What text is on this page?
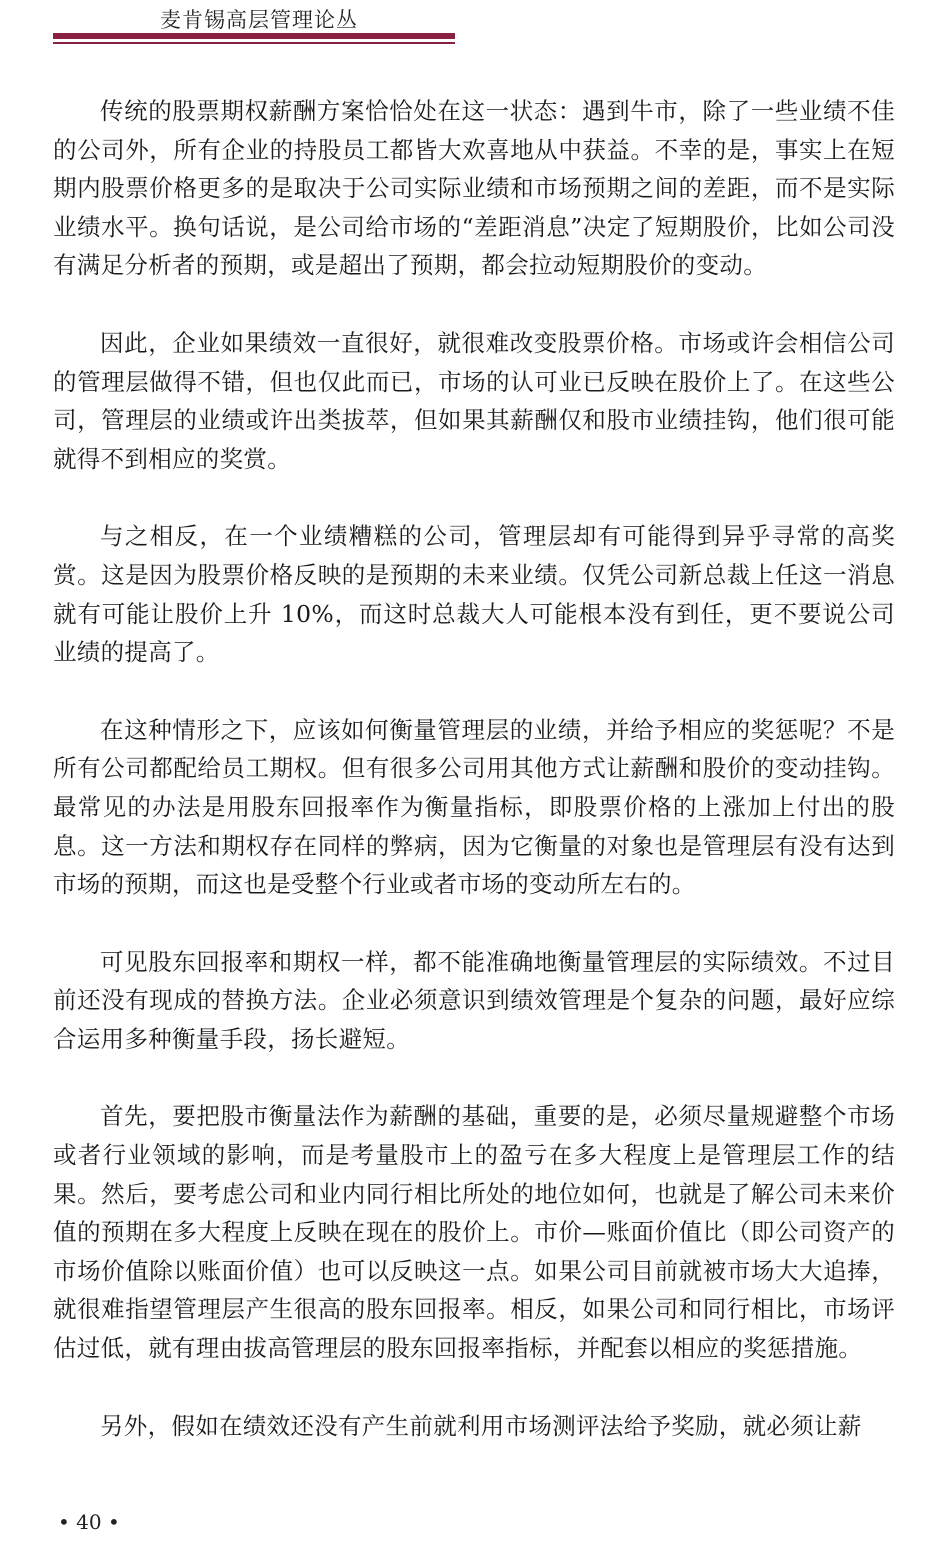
麦肯锡高层管理论丛

传统的股票期权薪酬方案恰恰处在这一状态：遇到牛市，除了一些业绩不佳的公司外，所有企业的持股员工都皆大欢喜地从中获益。不幸的是，事实上在短期内股票价格更多的是取决于公司实际业绩和市场预期之间的差距，而不是实际业绩水平。换句话说，是公司给市场的“差距消息”决定了短期股价，比如公司没有满足分析者的预期，或是超出了预期，都会拉动短期股价的变动。

因此，企业如果绩效一直很好，就很难改变股票价格。市场或许会相信公司的管理层做得不错，但也仅此而已，市场的认可业已反映在股价上了。在这些公司，管理层的业绩或许出类拔萃，但如果其薪酬仅和股市业绩挂钩，他们很可能就得不到相应的奖赏。

与之相反，在一个业绩糟糕的公司，管理层却有可能得到异乎寻常的高奖赏。这是因为股票价格反映的是预期的未来业绩。仅凭公司新总裁上任这一消息就有可能让股价上升 10%，而这时总裁大人可能根本没有到任，更不要说公司业绩的提高了。

在这种情形之下，应该如何衡量管理层的业绩，并给予相应的奖惩呢？不是所有公司都配给员工期权。但有很多公司用其他方式让薪酬和股价的变动挂钩。最常见的办法是用股东回报率作为衡量指标，即股票价格的上涨加上付出的股息。这一方法和期权存在同样的弊病，因为它衡量的对象也是管理层有没有达到市场的预期，而这也是受整个行业或者市场的变动所左右的。

可见股东回报率和期权一样，都不能准确地衡量管理层的实际绩效。不过目前还没有现成的替换方法。企业必须意识到绩效管理是个复杂的问题，最好应综合运用多种衡量手段，扬长避短。

首先，要把股市衡量法作为薪酬的基础，重要的是，必须尽量规避整个市场或者行业领域的影响，而是考量股市上的盈亏在多大程度上是管理层工作的结果。然后，要考虑公司和业内同行相比所处的地位如何，也就是了解公司未来价值的预期在多大程度上反映在现在的股价上。市价—账面价值比（即公司资产的市场价值除以账面价值）也可以反映这一点。如果公司目前就被市场大大追捧，就很难指望管理层产生很高的股东回报率。相反，如果公司和同行相比，市场评估过低，就有理由拔高管理层的股东回报率指标，并配套以相应的奖惩措施。

另外，假如在绩效还没有产生前就利用市场测评法给予奖励，就必须让薪

• 40 •
